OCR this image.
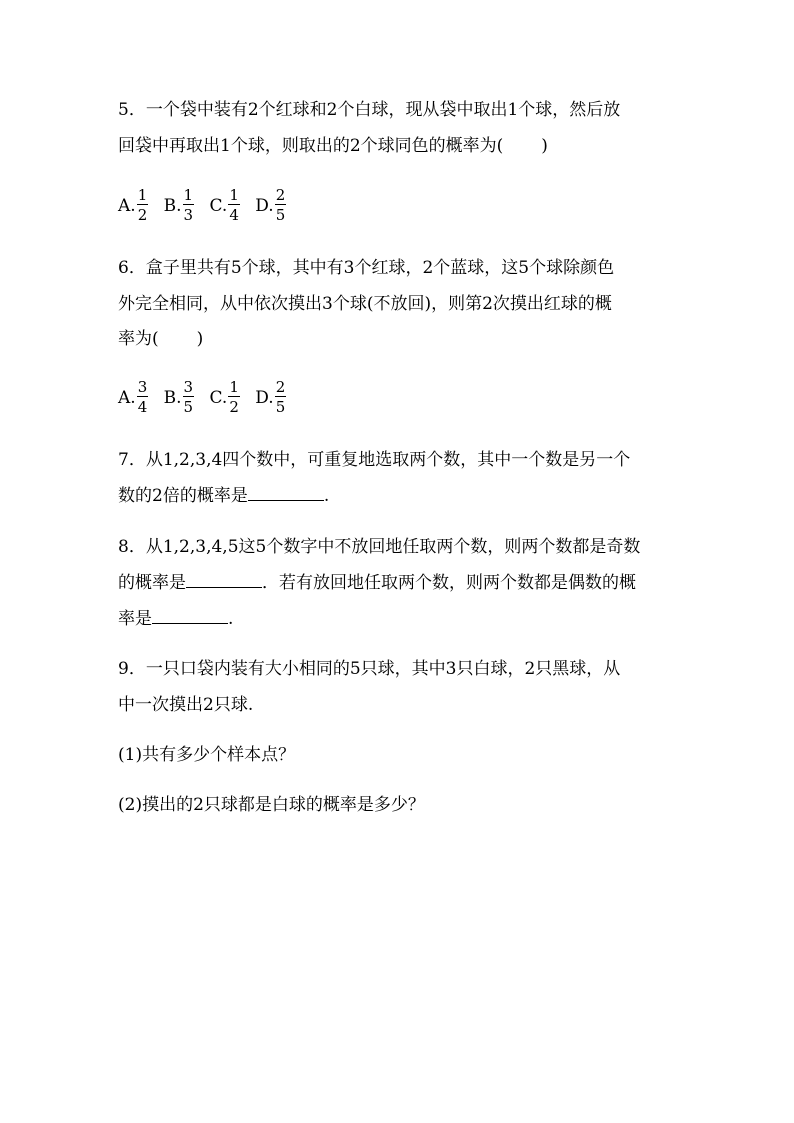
5．一个袋中装有2个红球和2个白球，现从袋中取出1个球，然后放
回袋中再取出1个球，则取出的2个球同色的概率为( )
A. $\frac{1}{2}$
B. $\frac{1}{3}$
C. $\frac{1}{4}$
D. $\frac{2}{5}$
6．盒子里共有5个球，其中有3个红球，2个蓝球，这5个球除颜色
外完全相同，从中依次摸出3个球(不放回)，则第2次摸出红球的概
率为( )
A. $\frac{3}{4}$
B. $\frac{3}{5}$
C. $\frac{1}{2}$
D. $\frac{2}{5}$
7．从1,2,3,4四个数中，可重复地选取两个数，其中一个数是另一个
数的2倍的概率是	.
8．从1,2,3,4,5这5个数字中不放回地任取两个数，则两个数都是奇数
的概率是	．若有放回地任取两个数，则两个数都是偶数的概
率是	.
9．一只口袋内装有大小相同的5只球，其中3只白球，2只黑球，从
中一次摸出2只球.
(1)共有多少个样本点？
(2)摸出的2只球都是白球的概率是多少？
